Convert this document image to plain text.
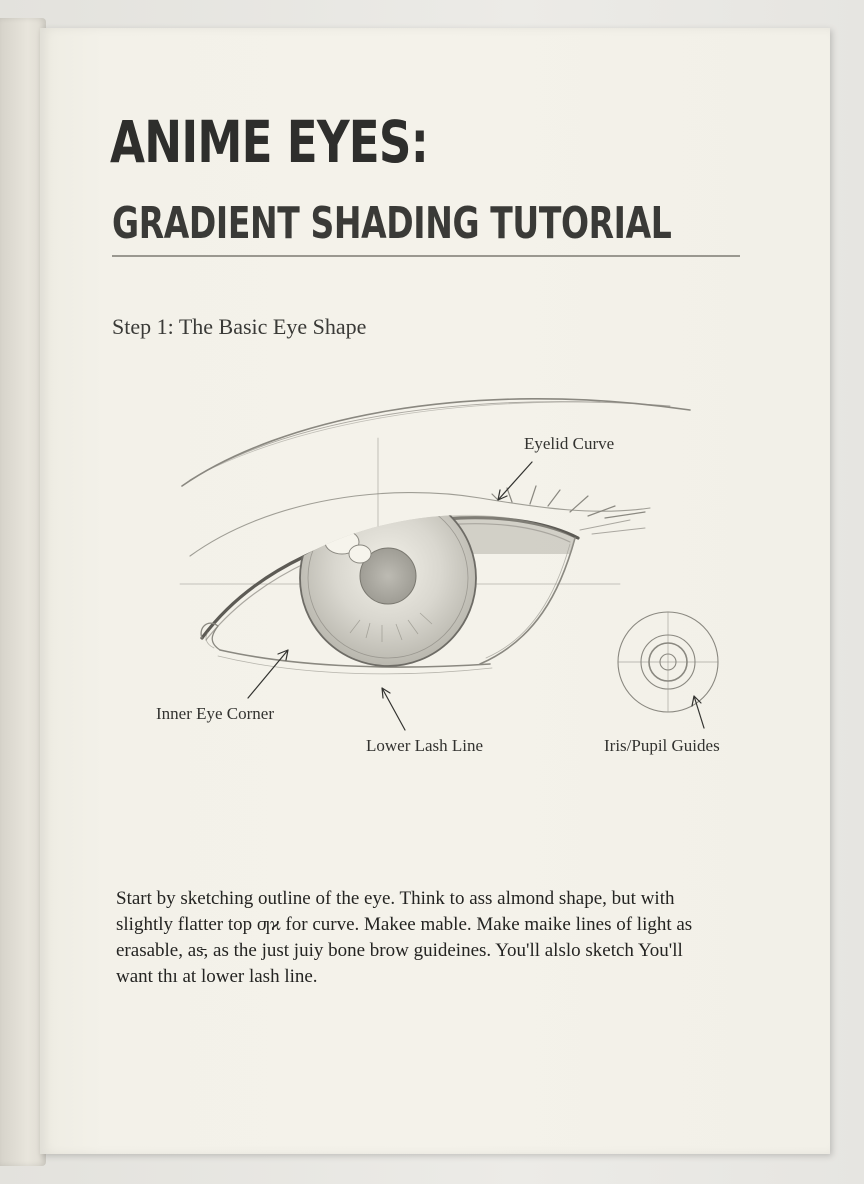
ANIME EYES:
GRADIENT SHADING TUTORIAL
Step 1: The Basic Eye Shape
Eyelid Curve
Inner Eye Corner
Lower Lash Line	Iris/Pupil Guides
Start by sketching outline of the eye. Think to ass almond shape, but with
slightly flatter top ƣϰ for curve. Makee mable. Make maike lines of light as
erasable, as̵, as the just juiy bone brow guideines. You'll alslo sketch You'll
want thı at lower lash line.
